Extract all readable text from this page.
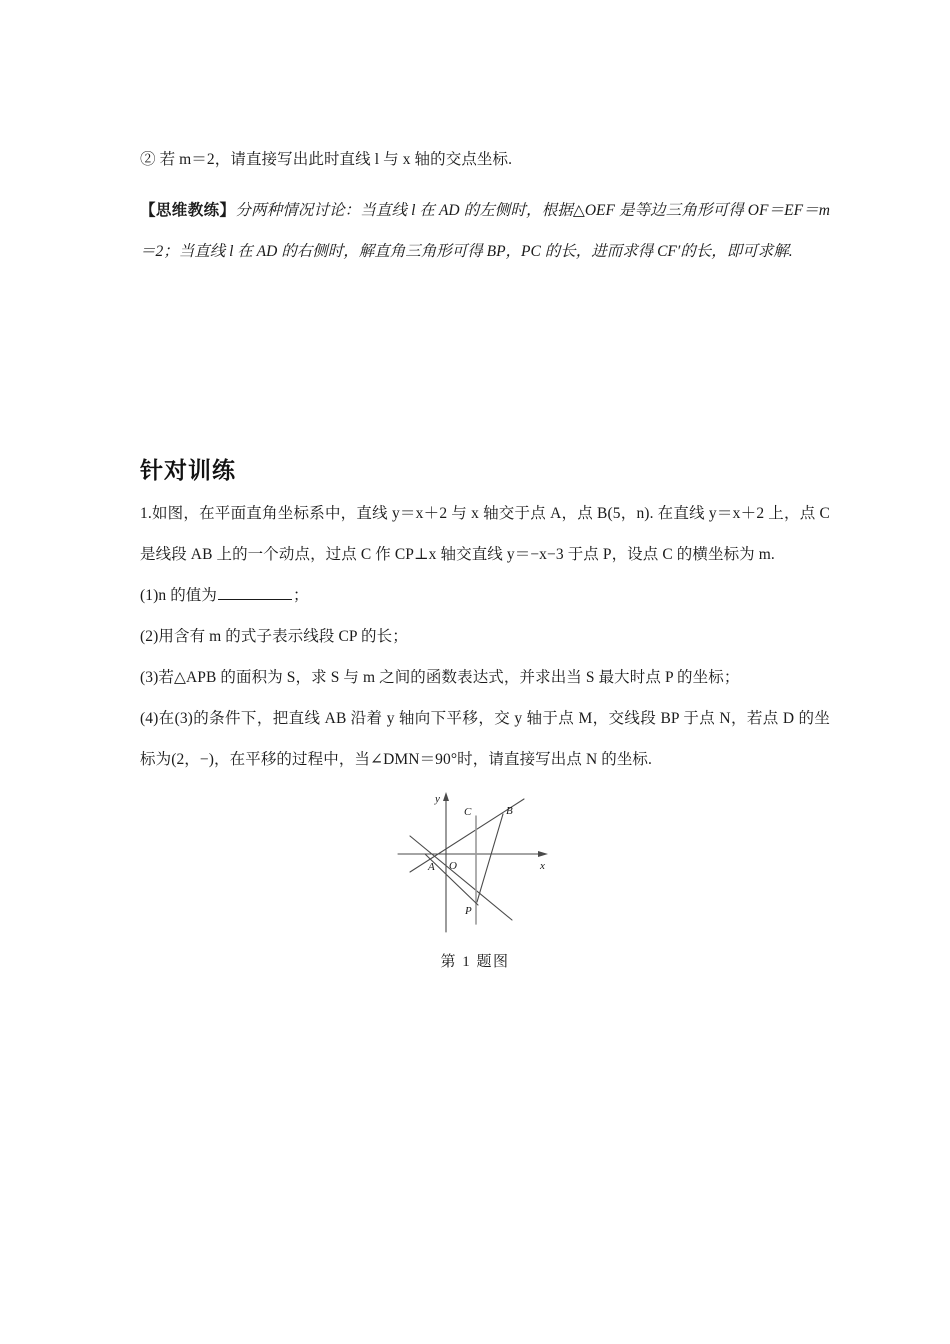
② 若 m＝2，请直接写出此时直线 l 与 x 轴的交点坐标.

【思维教练】分两种情况讨论：当直线 l 在 AD 的左侧时，根据△OEF 是等边三角形可得 OF＝EF＝m＝2；当直线 l 在 AD 的右侧时，解直角三角形可得 BP，PC 的长，进而求得 CF′的长，即可求解.

针对训练

1.如图，在平面直角坐标系中，直线 y＝x＋2 与 x 轴交于点 A，点 B(5，n). 在直线 y＝x＋2 上，点 C 是线段 AB 上的一个动点，过点 C 作 CP⊥x 轴交直线 y＝−x−3 于点 P，设点 C 的横坐标为 m.

(1)n 的值为	；

(2)用含有 m 的式子表示线段 CP 的长；

(3)若△APB 的面积为 S，求 S 与 m 之间的函数表达式，并求出当 S 最大时点 P 的坐标；

(4)在(3)的条件下，把直线 AB 沿着 y 轴向下平移，交 y 轴于点 M，交线段 BP 于点 N，若点 D 的坐标为(2，−)，在平移的过程中，当∠DMN＝90°时，请直接写出点 N 的坐标.

y
x
O
A
B
C
P
第 1 题图
